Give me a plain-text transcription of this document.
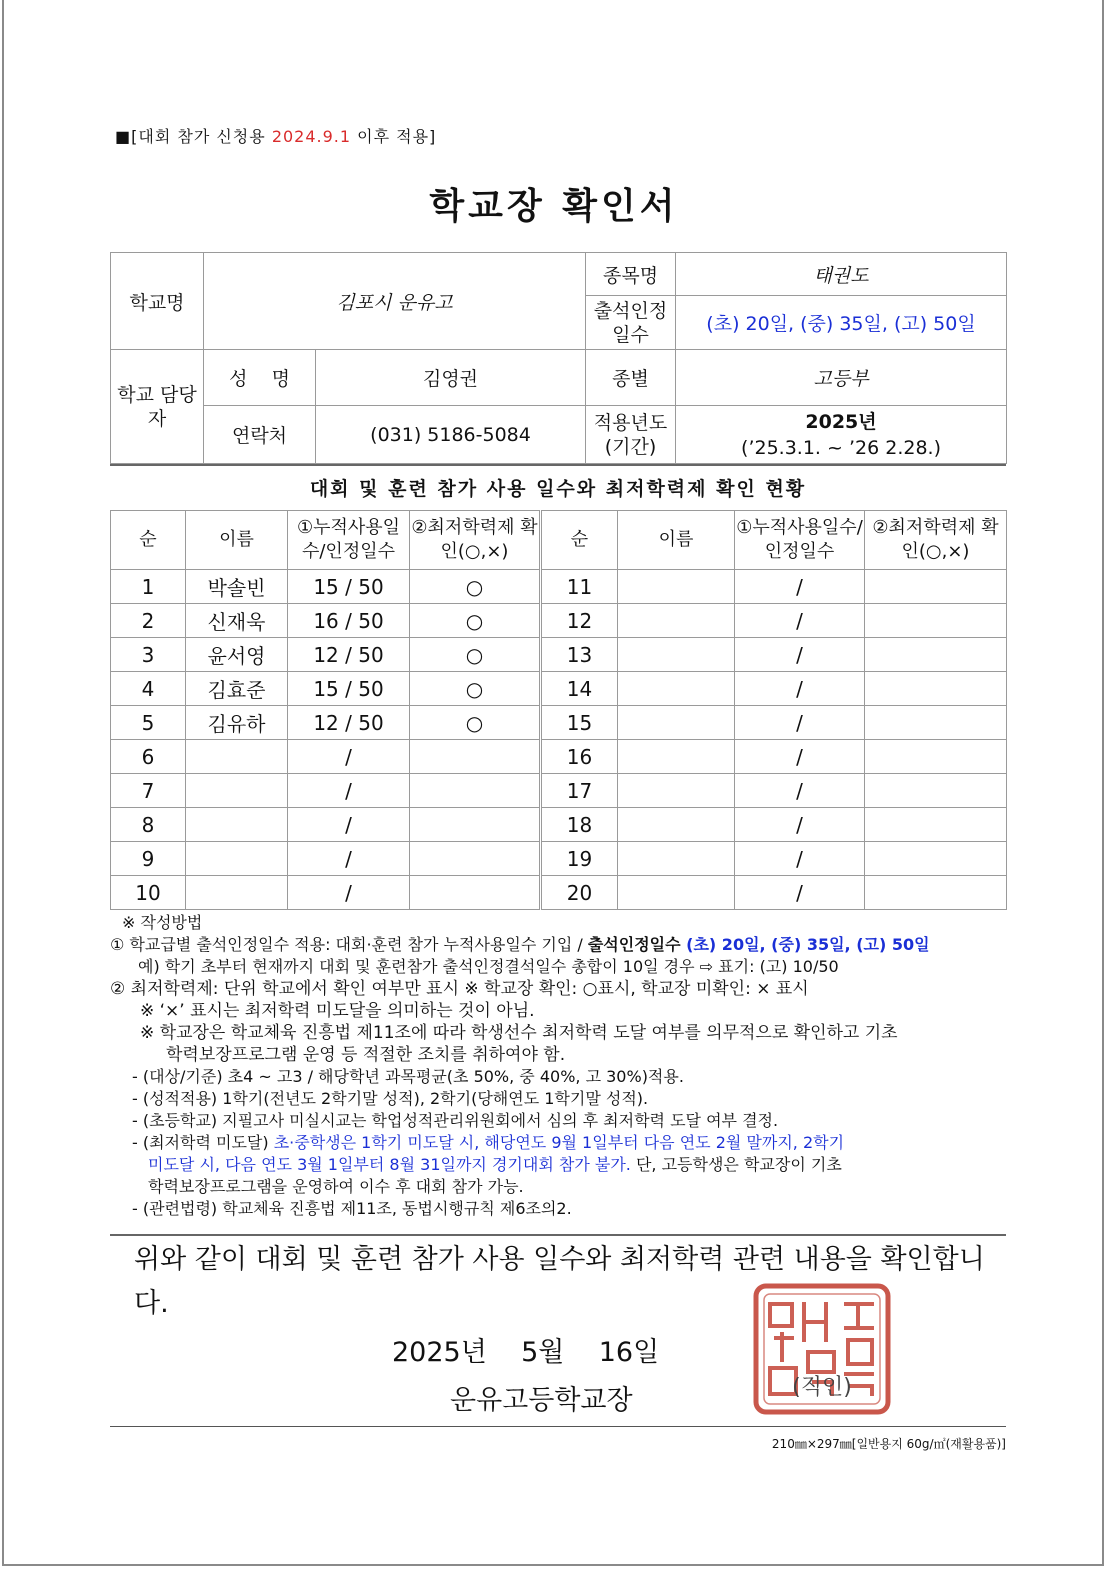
■[대회 참가 신청용 2024.9.1 이후 적용]
학교장 확인서
학교명	김포시 운유고		종목명	태권도
			출석인정 일수	(초) 20일, (중) 35일, (고) 50일
학교 담당자	성    명	김영권	종별	고등부
	연락처	(031) 5186-5084	적용년도 (기간)	2025년
(’25.3.1. ~ ’26 2.28.)
대회 및 훈련 참가 사용 일수와 최저학력제 확인 현황
순	이름	①누적사용일수/인정일수	②최저학력제 확인(○,×)	순	이름	①누적사용일수/인정일수	②최저학력제 확인(○,×)
1	박솔빈	15 / 50	○	11		/	
2	신재욱	16 / 50	○	12		/	
3	윤서영	12 / 50	○	13		/	
4	김효준	15 / 50	○	14		/	
5	김유하	12 / 50	○	15		/	
6		/		16		/	
7		/		17		/	
8		/		18		/	
9		/		19		/	
10		/		20		/	
※ 작성방법
① 학교급별 출석인정일수 적용: 대회·훈련 참가 누적사용일수 기입 / 출석인정일수 (초) 20일, (중) 35일, (고) 50일
예) 학기 초부터 현재까지 대회 및 훈련참가 출석인정결석일수 총합이 10일 경우 ⇨ 표기: (고) 10/50
② 최저학력제: 단위 학교에서 확인 여부만 표시 ※ 학교장 확인: ○표시, 학교장 미확인: × 표시
※ ‘×’ 표시는 최저학력 미도달을 의미하는 것이 아님.
※ 학교장은 학교체육 진흥법 제11조에 따라 학생선수 최저학력 도달 여부를 의무적으로 확인하고 기초
학력보장프로그램 운영 등 적절한 조치를 취하여야 함.
- (대상/기준) 초4 ~ 고3 / 해당학년 과목평균(초 50%, 중 40%, 고 30%)적용.
- (성적적용) 1학기(전년도 2학기말 성적), 2학기(당해연도 1학기말 성적).
- (초등학교) 지필고사 미실시교는 학업성적관리위원회에서 심의 후 최저학력 도달 여부 결정.
- (최저학력 미도달) 초·중학생은 1학기 미도달 시, 해당연도 9월 1일부터 다음 연도 2월 말까지, 2학기
미도달 시, 다음 연도 3월 1일부터 8월 31일까지 경기대회 참가 불가. 단, 고등학생은 학교장이 기초
학력보장프로그램을 운영하여 이수 후 대회 참가 가능.
- (관련법령) 학교체육 진흥법 제11조, 동법시행규칙 제6조의2.
위와 같이 대회 및 훈련 참가 사용 일수와 최저학력 관련 내용을 확인합니다.
2025년    5월    16일
운유고등학교장	(직인)
210㎜×297㎜[일반용지 60g/㎡(재활용품)]
